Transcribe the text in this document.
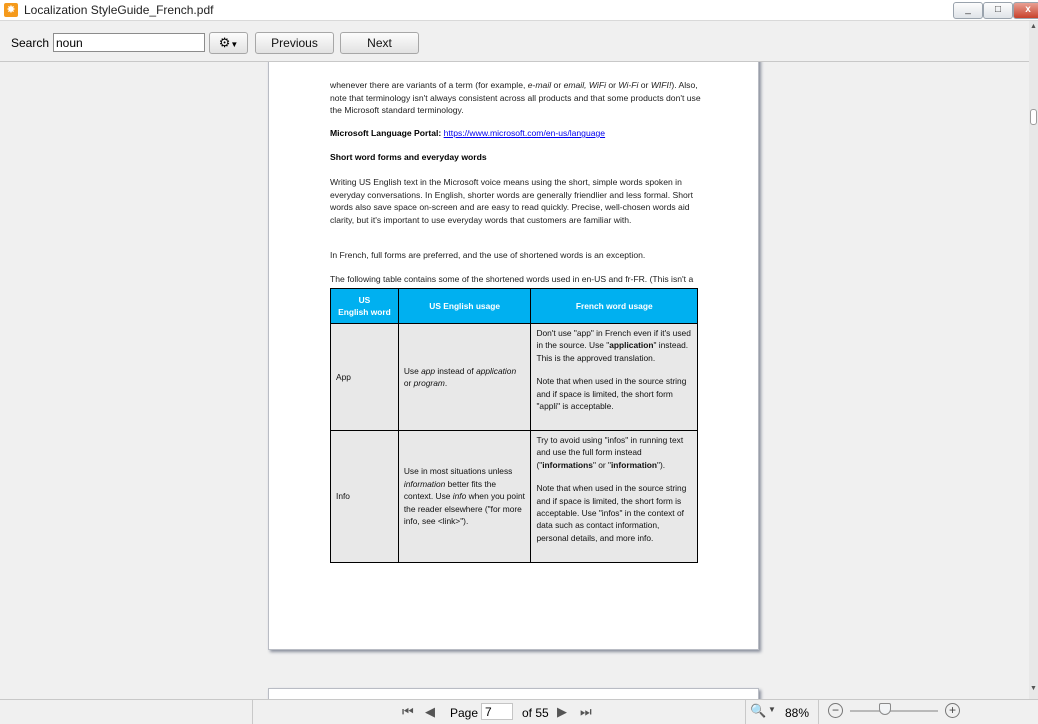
✸ Localization StyleGuide_French.pdf	_	□	x
Search
noun	⚙▼	Previous	Next
whenever there are variants of a term (for example, e-mail or email, WiFi or Wi-Fi or WIFI!). Also, note that terminology isn't always consistent across all products and that some products don't use the Microsoft standard terminology.
Microsoft Language Portal: https://www.microsoft.com/en-us/language
Short word forms and everyday words
Writing US English text in the Microsoft voice means using the short, simple words spoken in everyday conversations. In English, shorter words are generally friendlier and less formal. Short words also save space on-screen and are easy to read quickly. Precise, well-chosen words aid clarity, but it's important to use everyday words that customers are familiar with.
In French, full forms are preferred, and the use of shortened words is an exception.
The following table contains some of the shortened words used in en-US and fr-FR. (This isn't a
US
English word	US English usage	French word usage
App	Use app instead of application or program.	Don't use "app" in French even if it's used in the source. Use "application" instead. This is the approved translation.
Note that when used in the source string and if space is limited, the short form "appli" is acceptable.

Info	Use in most situations unless information better fits the context. Use info when you point the reader elsewhere ("for more info, see <link>").	Try to avoid using "infos" in running text and use the full form instead ("informations" or "information").
Note that when used in the source string and if space is limited, the short form is acceptable. Use "infos" in the context of data such as contact information, personal details, and more info.
▲
▼
⏮ ◀ Page
7	of 55 ▶ ⏭	🔍 ▼ 88%	−	+
